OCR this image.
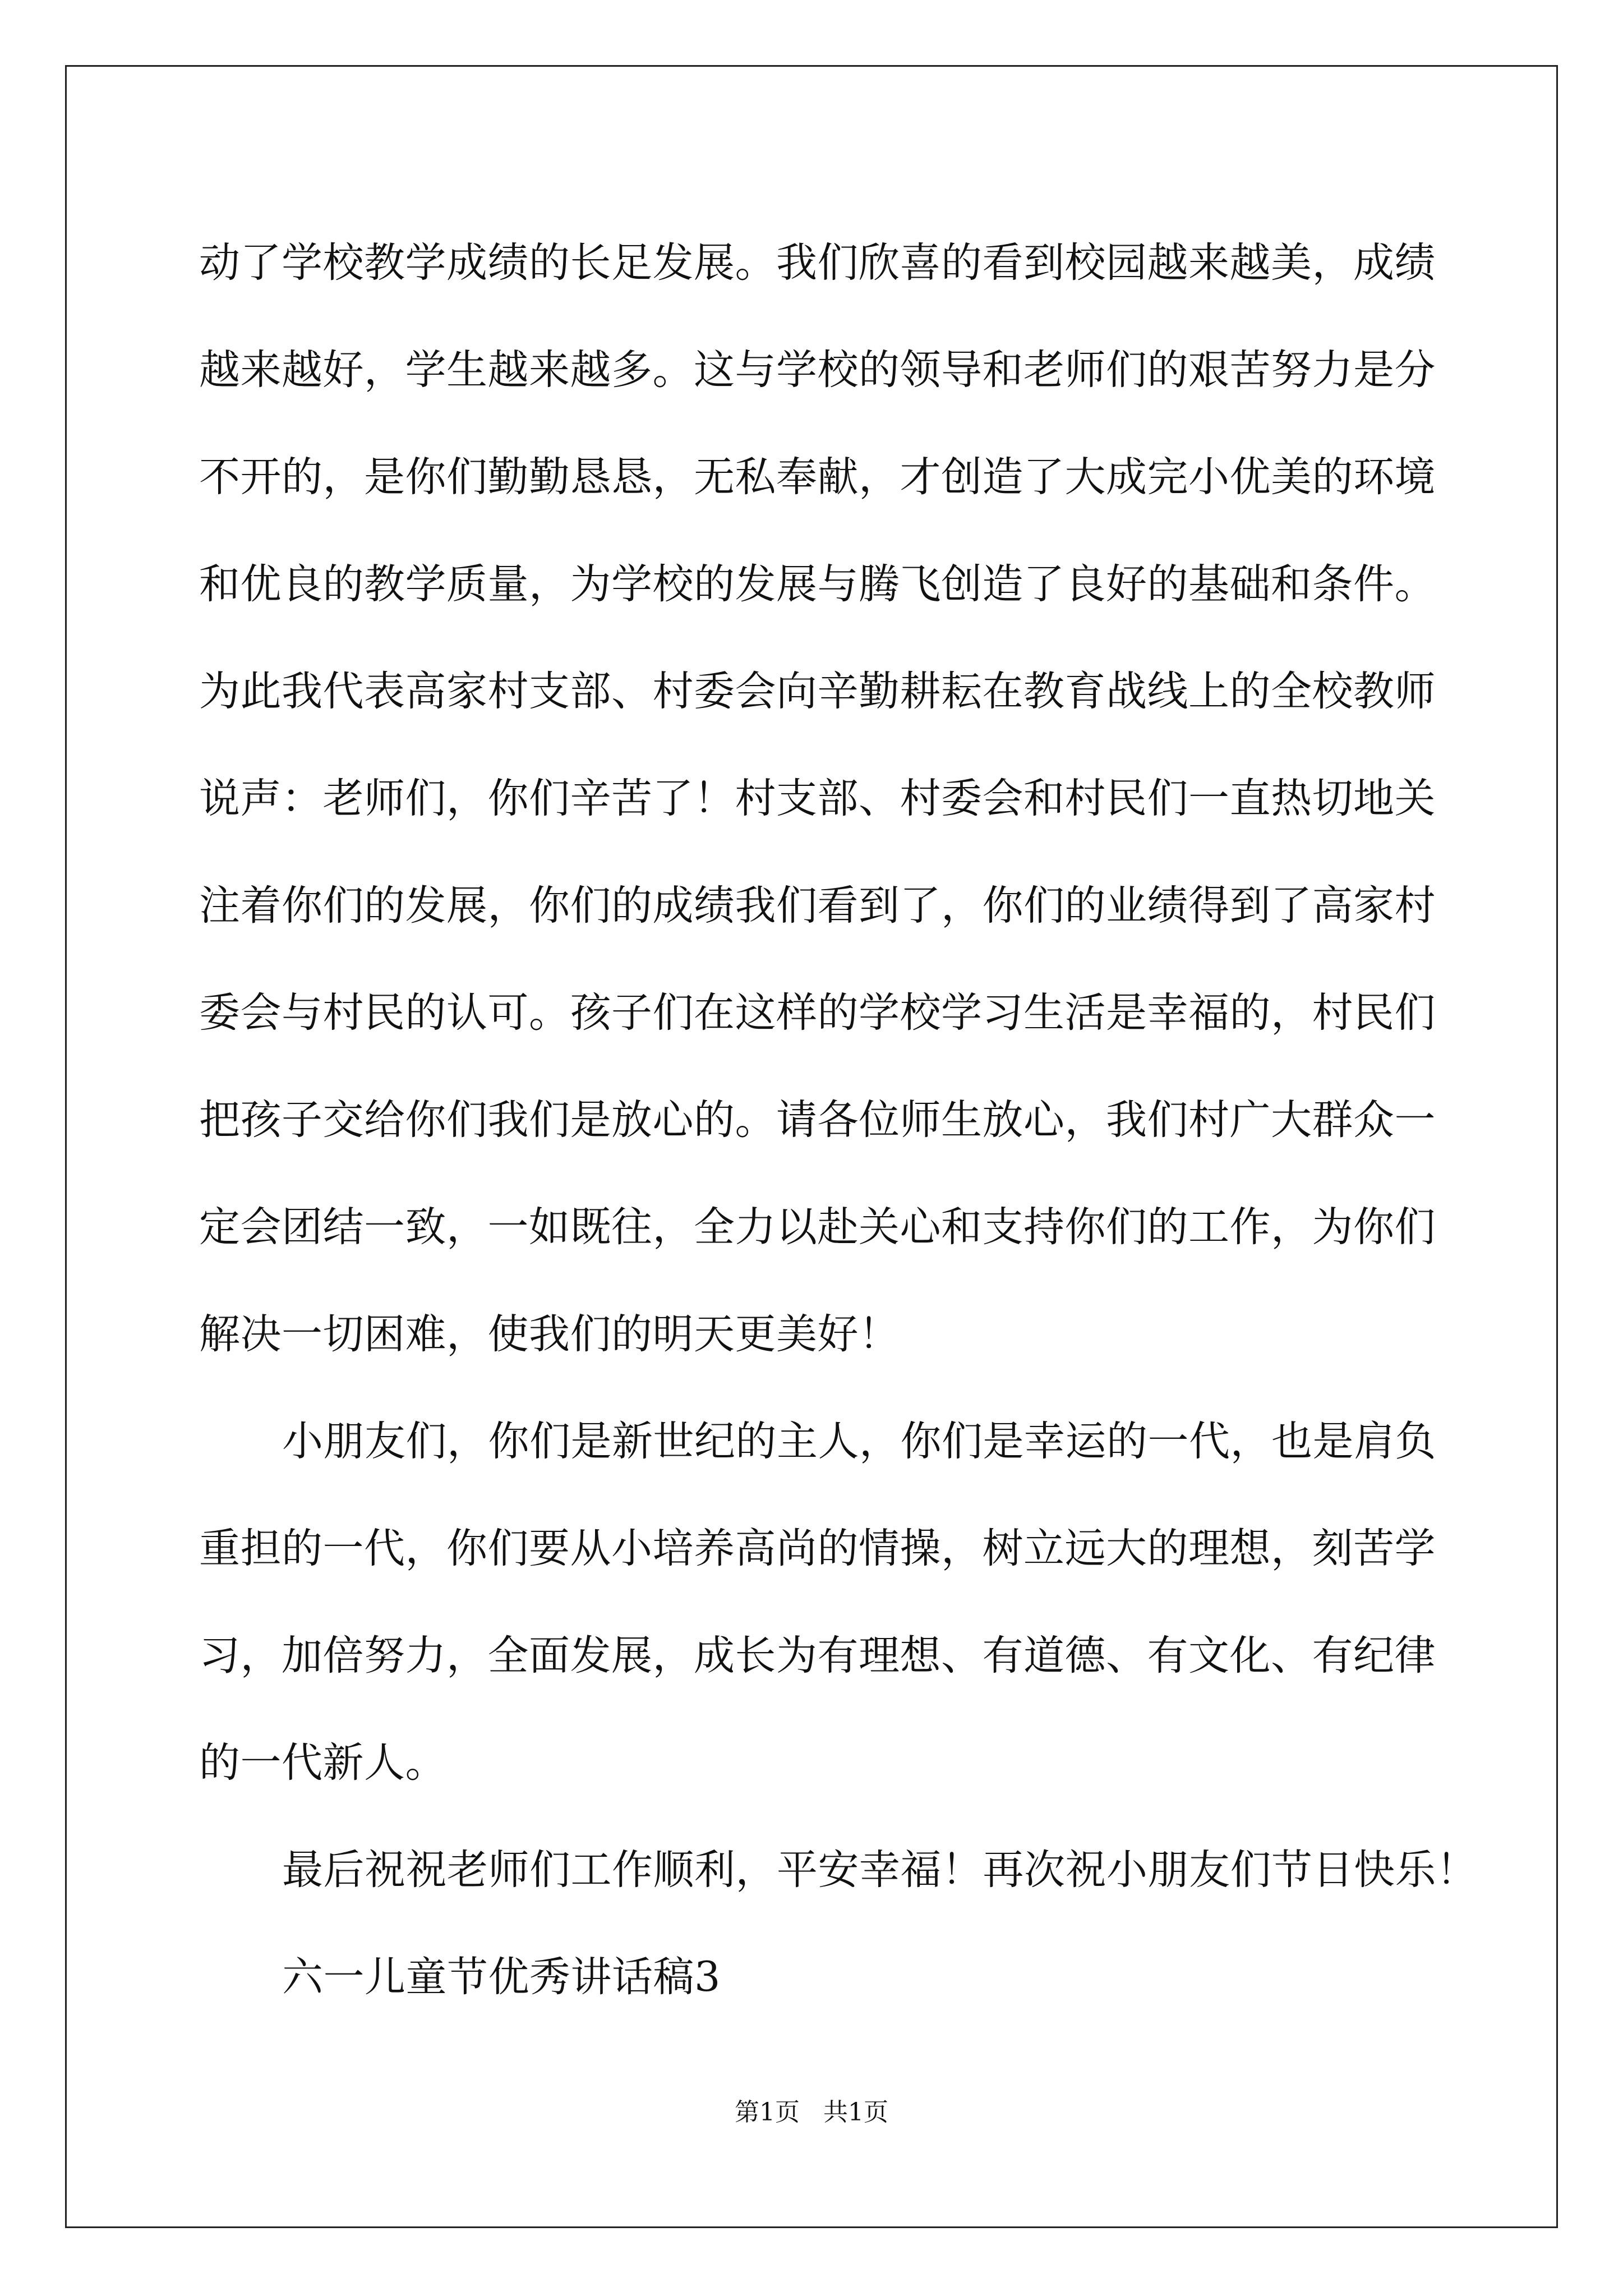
动了学校教学成绩的长足发展。我们欣喜的看到校园越来越美，成绩
越来越好，学生越来越多。这与学校的领导和老师们的艰苦努力是分
不开的，是你们勤勤恳恳，无私奉献，才创造了大成完小优美的环境
和优良的教学质量，为学校的发展与腾飞创造了良好的基础和条件。
为此我代表高家村支部、村委会向辛勤耕耘在教育战线上的全校教师
说声：老师们，你们辛苦了！村支部、村委会和村民们一直热切地关
注着你们的发展，你们的成绩我们看到了，你们的业绩得到了高家村
委会与村民的认可。孩子们在这样的学校学习生活是幸福的，村民们
把孩子交给你们我们是放心的。请各位师生放心，我们村广大群众一
定会团结一致，一如既往，全力以赴关心和支持你们的工作，为你们
解决一切困难，使我们的明天更美好！
小朋友们，你们是新世纪的主人，你们是幸运的一代，也是肩负
重担的一代，你们要从小培养高尚的情操，树立远大的理想，刻苦学
习，加倍努力，全面发展，成长为有理想、有道德、有文化、有纪律
的一代新人。
最后祝祝老师们工作顺利，平安幸福！再次祝小朋友们节日快乐！
六一儿童节优秀讲话稿3
第1页   共1页
